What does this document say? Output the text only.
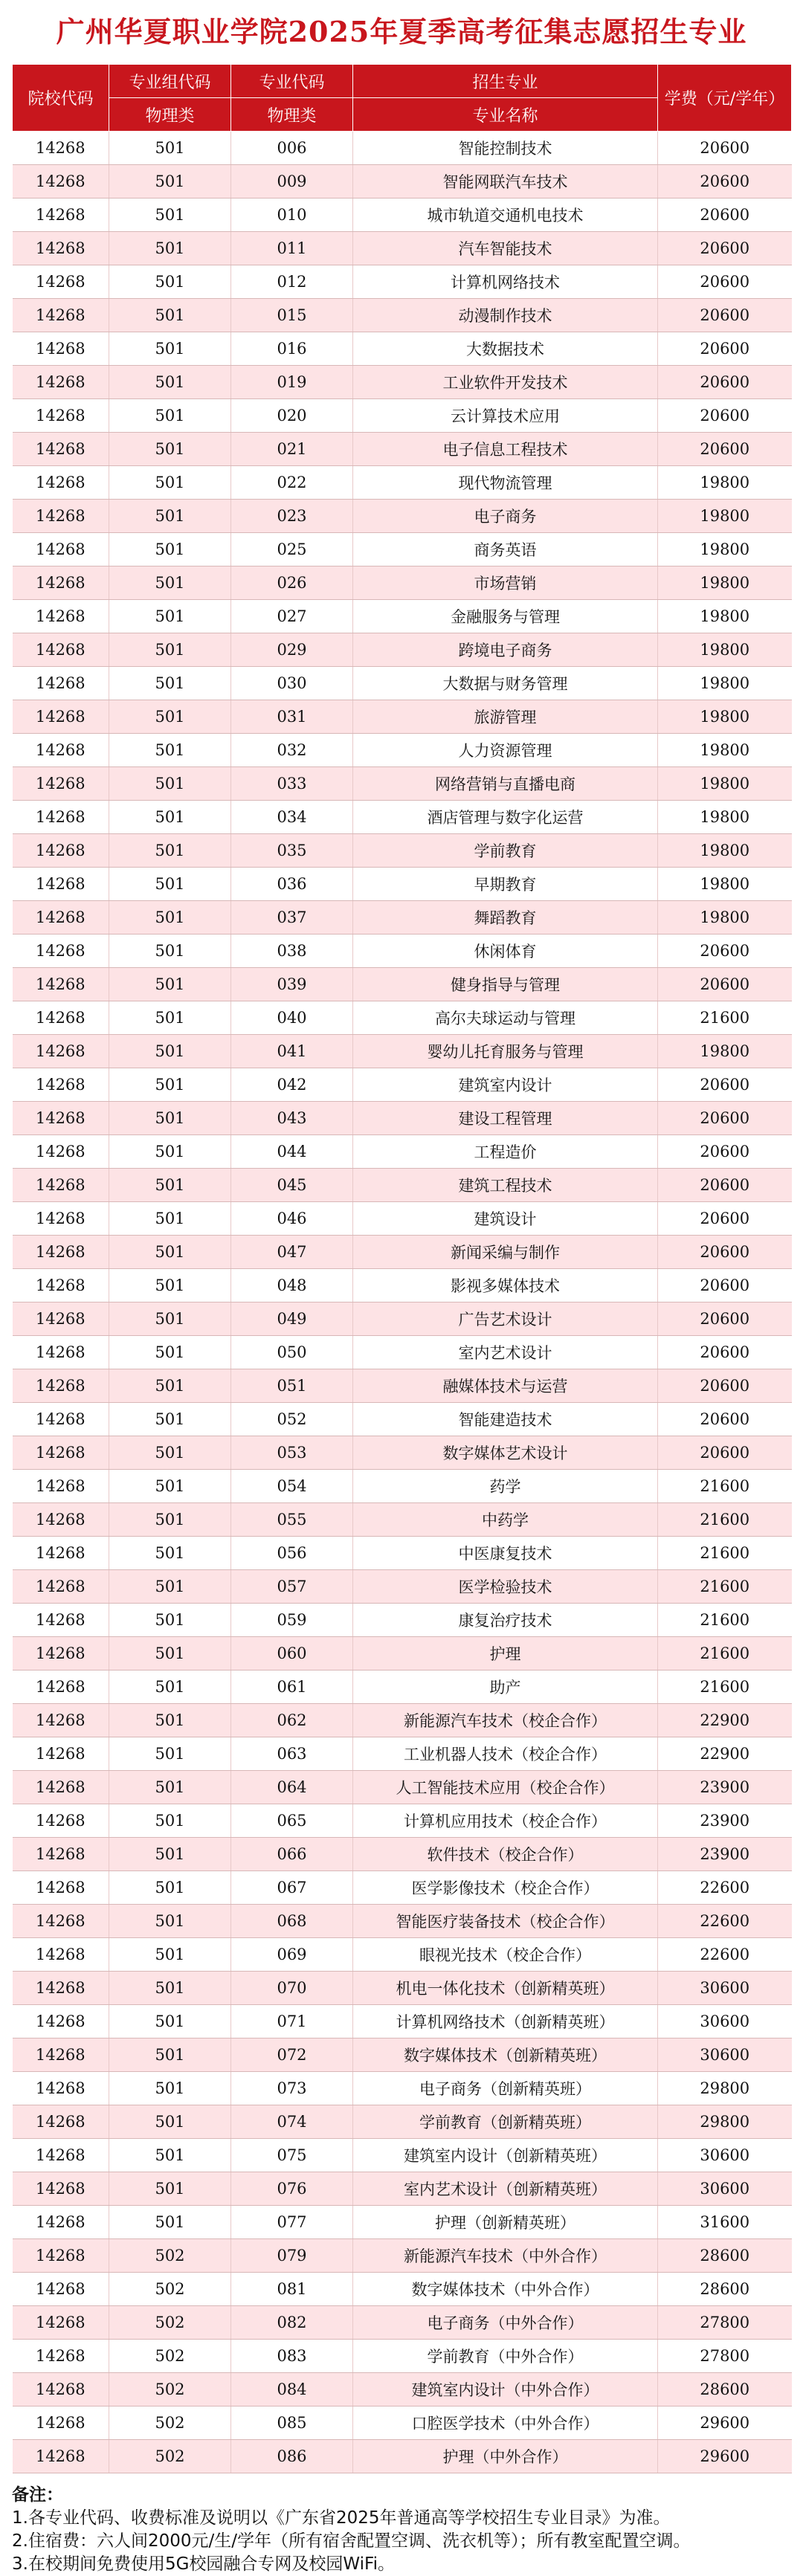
广州华夏职业学院2025年夏季高考征集志愿招生专业
院校代码	专业组代码	专业代码	招生专业	学费（元/学年）
	物理类	物理类	专业名称	
14268	501	006	智能控制技术	20600
14268	501	009	智能网联汽车技术	20600
14268	501	010	城市轨道交通机电技术	20600
14268	501	011	汽车智能技术	20600
14268	501	012	计算机网络技术	20600
14268	501	015	动漫制作技术	20600
14268	501	016	大数据技术	20600
14268	501	019	工业软件开发技术	20600
14268	501	020	云计算技术应用	20600
14268	501	021	电子信息工程技术	20600
14268	501	022	现代物流管理	19800
14268	501	023	电子商务	19800
14268	501	025	商务英语	19800
14268	501	026	市场营销	19800
14268	501	027	金融服务与管理	19800
14268	501	029	跨境电子商务	19800
14268	501	030	大数据与财务管理	19800
14268	501	031	旅游管理	19800
14268	501	032	人力资源管理	19800
14268	501	033	网络营销与直播电商	19800
14268	501	034	酒店管理与数字化运营	19800
14268	501	035	学前教育	19800
14268	501	036	早期教育	19800
14268	501	037	舞蹈教育	19800
14268	501	038	休闲体育	20600
14268	501	039	健身指导与管理	20600
14268	501	040	高尔夫球运动与管理	21600
14268	501	041	婴幼儿托育服务与管理	19800
14268	501	042	建筑室内设计	20600
14268	501	043	建设工程管理	20600
14268	501	044	工程造价	20600
14268	501	045	建筑工程技术	20600
14268	501	046	建筑设计	20600
14268	501	047	新闻采编与制作	20600
14268	501	048	影视多媒体技术	20600
14268	501	049	广告艺术设计	20600
14268	501	050	室内艺术设计	20600
14268	501	051	融媒体技术与运营	20600
14268	501	052	智能建造技术	20600
14268	501	053	数字媒体艺术设计	20600
14268	501	054	药学	21600
14268	501	055	中药学	21600
14268	501	056	中医康复技术	21600
14268	501	057	医学检验技术	21600
14268	501	059	康复治疗技术	21600
14268	501	060	护理	21600
14268	501	061	助产	21600
14268	501	062	新能源汽车技术（校企合作）	22900
14268	501	063	工业机器人技术（校企合作）	22900
14268	501	064	人工智能技术应用（校企合作）	23900
14268	501	065	计算机应用技术（校企合作）	23900
14268	501	066	软件技术（校企合作）	23900
14268	501	067	医学影像技术（校企合作）	22600
14268	501	068	智能医疗装备技术（校企合作）	22600
14268	501	069	眼视光技术（校企合作）	22600
14268	501	070	机电一体化技术（创新精英班）	30600
14268	501	071	计算机网络技术（创新精英班）	30600
14268	501	072	数字媒体技术（创新精英班）	30600
14268	501	073	电子商务（创新精英班）	29800
14268	501	074	学前教育（创新精英班）	29800
14268	501	075	建筑室内设计（创新精英班）	30600
14268	501	076	室内艺术设计（创新精英班）	30600
14268	501	077	护理（创新精英班）	31600
14268	502	079	新能源汽车技术（中外合作）	28600
14268	502	081	数字媒体技术（中外合作）	28600
14268	502	082	电子商务（中外合作）	27800
14268	502	083	学前教育（中外合作）	27800
14268	502	084	建筑室内设计（中外合作）	28600
14268	502	085	口腔医学技术（中外合作）	29600
14268	502	086	护理（中外合作）	29600
备注：
1.各专业代码、收费标准及说明以《广东省2025年普通高等学校招生专业目录》为准。
2.住宿费：六人间2000元/生/学年（所有宿舍配置空调、洗衣机等）；所有教室配置空调。
3.在校期间免费使用5G校园融合专网及校园WiFi。
